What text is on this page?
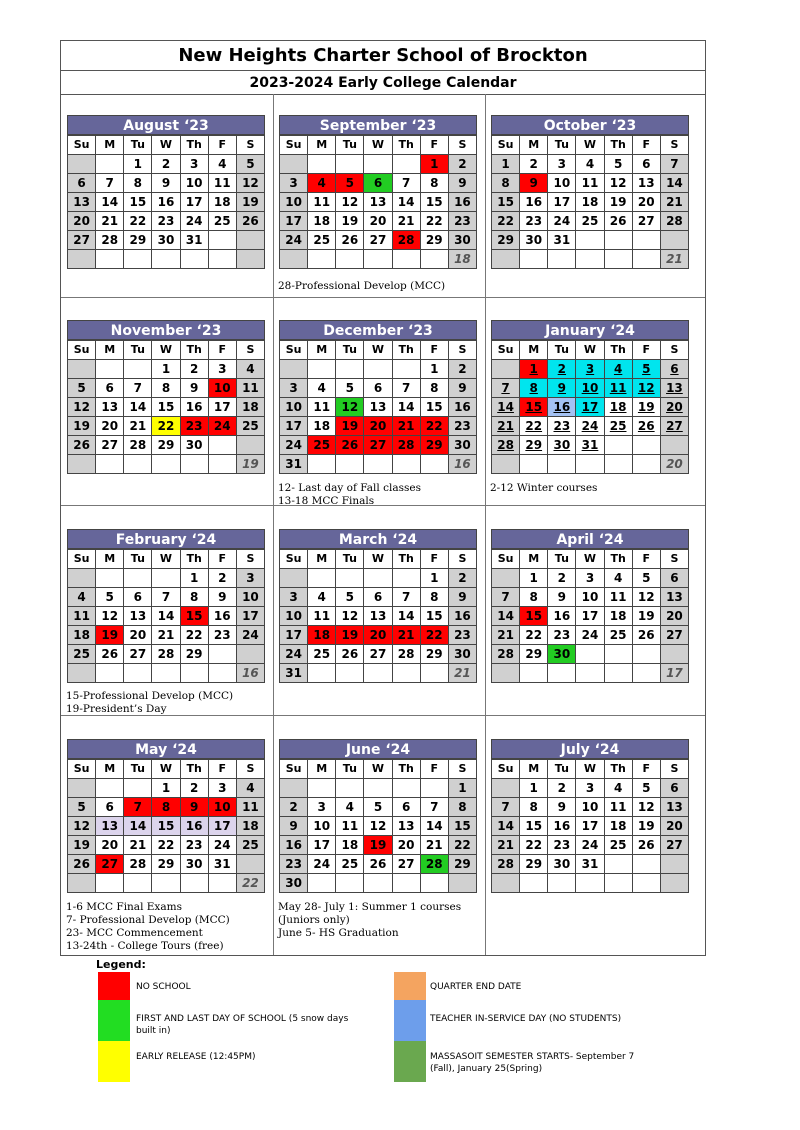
New Heights Charter School of Brockton
2023-2024 Early College Calendar
August ‘23
Su	M	Tu	W	Th	F	S
		1	2	3	4	5
6	7	8	9	10	11	12
13	14	15	16	17	18	19
20	21	22	23	24	25	26
27	28	29	30	31		

September ‘23
Su	M	Tu	W	Th	F	S
					1	2
3	4	5	6	7	8	9
10	11	12	13	14	15	16
17	18	19	20	21	22	23
24	25	26	27	28	29	30
						18
October ‘23
Su	M	Tu	W	Th	F	S
1	2	3	4	5	6	7
8	9	10	11	12	13	14
15	16	17	18	19	20	21
22	23	24	25	26	27	28
29	30	31				
						21
November ‘23
Su	M	Tu	W	Th	F	S
			1	2	3	4
5	6	7	8	9	10	11
12	13	14	15	16	17	18
19	20	21	22	23	24	25
26	27	28	29	30		
						19
December ‘23
Su	M	Tu	W	Th	F	S
					1	2
3	4	5	6	7	8	9
10	11	12	13	14	15	16
17	18	19	20	21	22	23
24	25	26	27	28	29	30
31						16
January ‘24
Su	M	Tu	W	Th	F	S
	1	2	3	4	5	6
7	8	9	10	11	12	13
14	15	16	17	18	19	20
21	22	23	24	25	26	27
28	29	30	31			
						20
February ‘24
Su	M	Tu	W	Th	F	S
				1	2	3
4	5	6	7	8	9	10
11	12	13	14	15	16	17
18	19	20	21	22	23	24
25	26	27	28	29		
						16
March ‘24
Su	M	Tu	W	Th	F	S
					1	2
3	4	5	6	7	8	9
10	11	12	13	14	15	16
17	18	19	20	21	22	23
24	25	26	27	28	29	30
31						21
April ‘24
Su	M	Tu	W	Th	F	S
	1	2	3	4	5	6
7	8	9	10	11	12	13
14	15	16	17	18	19	20
21	22	23	24	25	26	27
28	29	30				
						17
May ‘24
Su	M	Tu	W	Th	F	S
			1	2	3	4
5	6	7	8	9	10	11
12	13	14	15	16	17	18
19	20	21	22	23	24	25
26	27	28	29	30	31	
						22
June ‘24
Su	M	Tu	W	Th	F	S
						1
2	3	4	5	6	7	8
9	10	11	12	13	14	15
16	17	18	19	20	21	22
23	24	25	26	27	28	29
30						
July ‘24
Su	M	Tu	W	Th	F	S
	1	2	3	4	5	6
7	8	9	10	11	12	13
14	15	16	17	18	19	20
21	22	23	24	25	26	27
28	29	30	31			

28-Professional Develop (MCC)
12- Last day of Fall classes
13-18 MCC Finals
2-12 Winter courses
15-Professional Develop (MCC)
19-President’s Day
1-6 MCC Final Exams
7- Professional Develop (MCC)
23- MCC Commencement
13-24th - College Tours (free)
May 28- July 1: Summer 1 courses
(Juniors only)
June 5- HS Graduation
Legend:
NO SCHOOL
FIRST AND LAST DAY OF SCHOOL (5 snow days built in)
EARLY RELEASE (12:45PM)
QUARTER END DATE
TEACHER IN-SERVICE DAY (NO STUDENTS)
MASSASOIT SEMESTER STARTS- September 7 (Fall), January 25(Spring)
